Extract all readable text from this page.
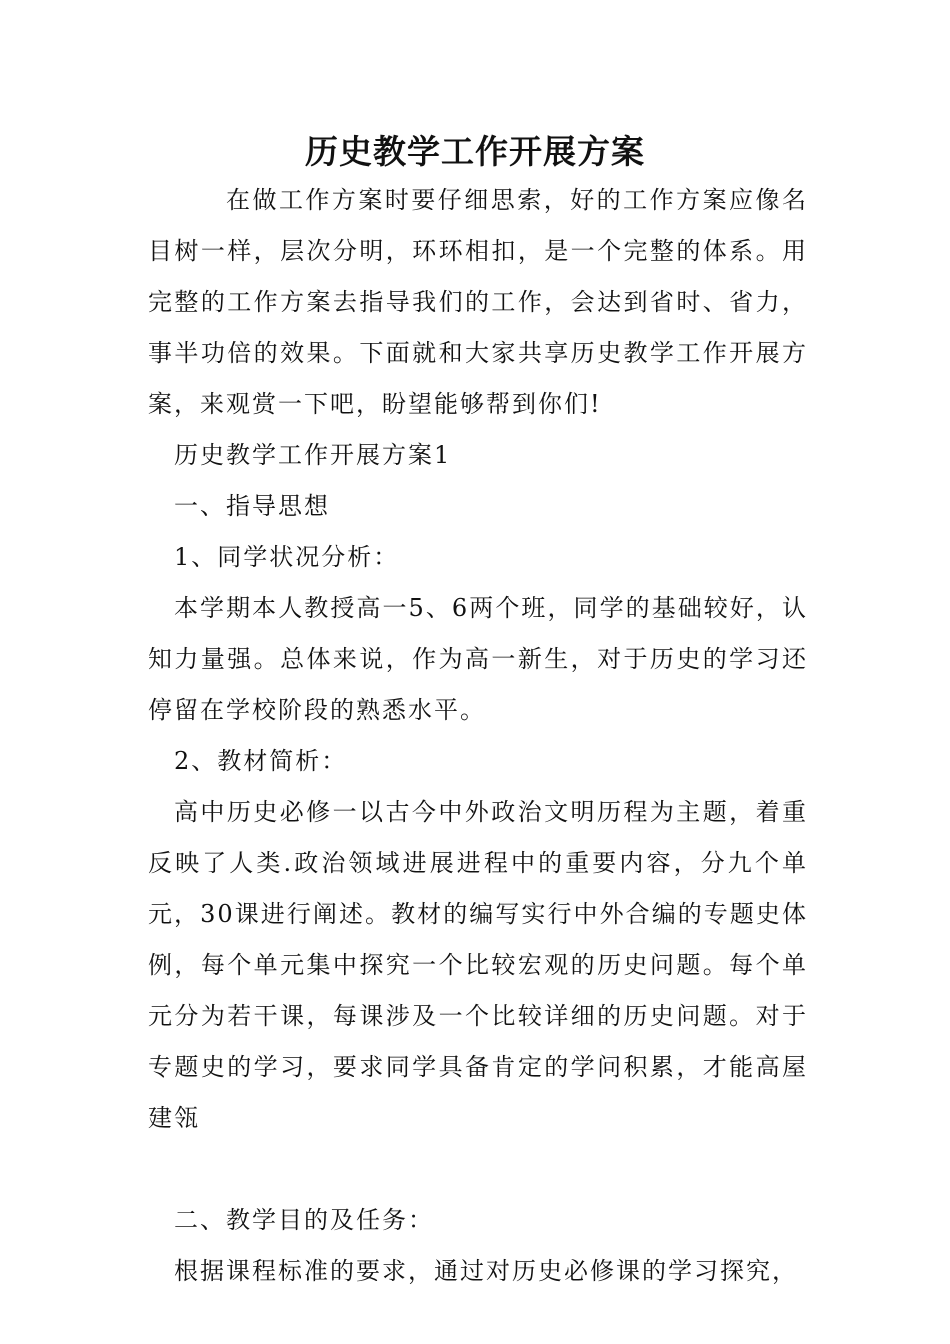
历史教学工作开展方案

在做工作方案时要仔细思索，好的工作方案应像名目树一样，层次分明，环环相扣，是一个完整的体系。用完整的工作方案去指导我们的工作，会达到省时、省力，事半功倍的效果。下面就和大家共享历史教学工作开展方案，来观赏一下吧，盼望能够帮到你们!

历史教学工作开展方案1

一、指导思想

1、同学状况分析：

本学期本人教授高一5、6两个班，同学的基础较好，认知力量强。总体来说，作为高一新生，对于历史的学习还停留在学校阶段的熟悉水平。

2、教材简析：

高中历史必修一以古今中外政治文明历程为主题，着重反映了人类.政治领域进展进程中的重要内容，分九个单元，30课进行阐述。教材的编写实行中外合编的专题史体例，每个单元集中探究一个比较宏观的历史问题。每个单元分为若干课，每课涉及一个比较详细的历史问题。对于专题史的学习，要求同学具备肯定的学问积累，才能高屋建瓴

二、教学目的及任务：

根据课程标准的要求，通过对历史必修课的学习探究，
